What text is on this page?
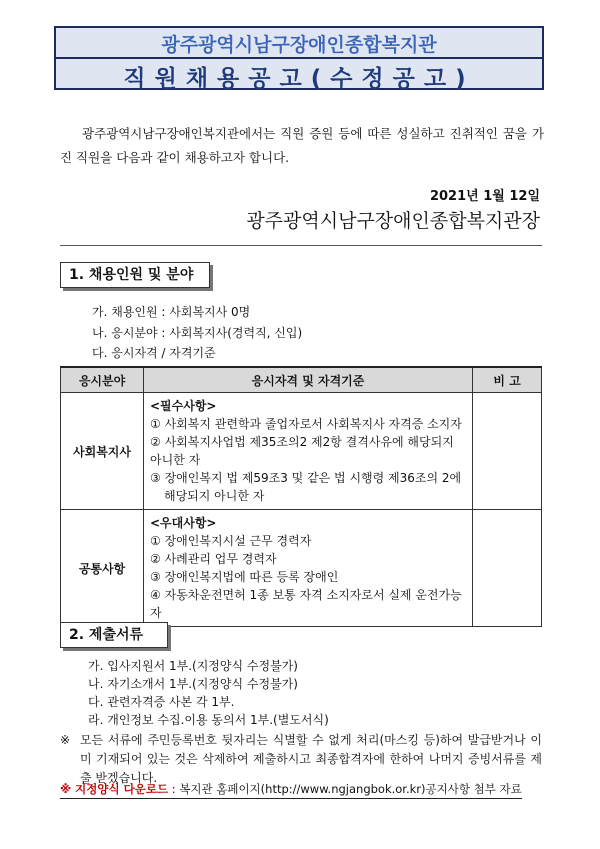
광주광역시남구장애인종합복지관
직원채용공고(수정공고)
광주광역시남구장애인복지관에서는 직원 증원 등에 따른 성실하고 진취적인 꿈을 가진 직원을 다음과 같이 채용하고자 합니다.
2021년 1월 12일
광주광역시남구장애인종합복지관장
1. 채용인원 및 분야
가. 채용인원 : 사회복지사 0명
나. 응시분야 : 사회복지사(경력직, 신입)
다. 응시자격 / 자격기준
응시분야	응시자격 및 자격기준	비 고
사회복지사	<필수사항>
① 사회복지 관련학과 졸업자로서 사회복지사 자격증 소지자
② 사회복지사업법 제35조의2 제2항 결격사유에 해당되지 아니한 자
③ 장애인복지 법 제59조3 및 같은 법 시행령 제36조의 2에
해당되지 아니한 자	

공통사항	<우대사항>
① 장애인복지시설 근무 경력자
② 사례관리 업무 경력자
③ 장애인복지법에 따른 등록 장애인
④ 자동차운전면허 1종 보통 자격 소지자로서 실제 운전가능자	

2. 제출서류
가. 입사지원서 1부.(지정양식 수정불가)
나. 자기소개서 1부.(지정양식 수정불가)
다. 관련자격증 사본 각 1부.
라. 개인정보 수집.이용 동의서 1부.(별도서식)
※ 모든 서류에 주민등록번호 뒷자리는 식별할 수 없게 처리(마스킹 등)하여 발급받거나 이미 기재되어 있는 것은 삭제하여 제출하시고 최종합격자에 한하여 나머지 증빙서류를 제출 받겠습니다.
※ 지정양식 다운로드 : 복지관 홈페이지(http://www.ngjangbok.or.kr)공지사항 첨부 자료
